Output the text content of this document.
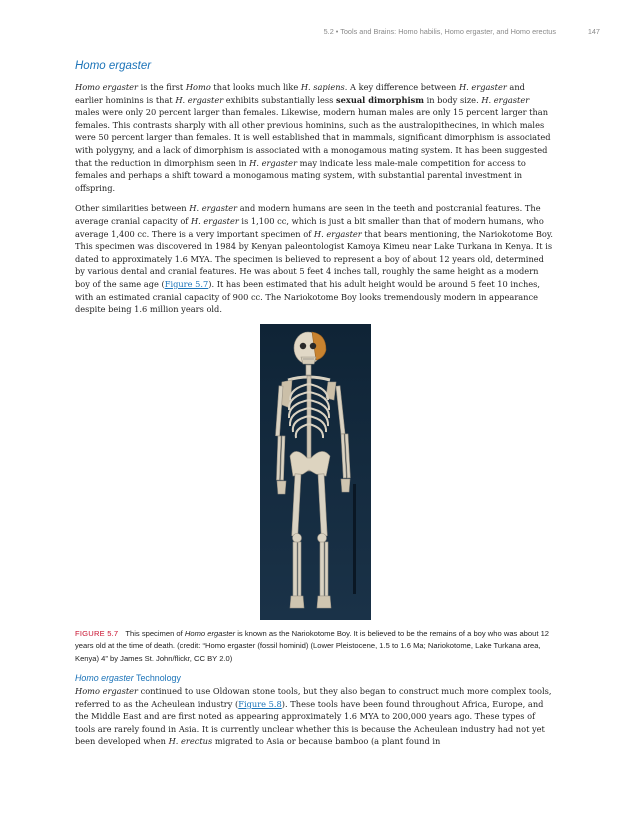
5.2 • Tools and Brains: Homo habilis, Homo ergaster, and Homo erectus	147
Homo ergaster

Homo ergaster is the first Homo that looks much like H. sapiens. A key difference between H. ergaster and earlier hominins is that H. ergaster exhibits substantially less sexual dimorphism in body size. H. ergaster males were only 20 percent larger than females. Likewise, modern human males are only 15 percent larger than females. This contrasts sharply with all other previous hominins, such as the australopithecines, in which males were 50 percent larger than females. It is well established that in mammals, significant dimorphism is associated with polygyny, and a lack of dimorphism is associated with a monogamous mating system. It has been suggested that the reduction in dimorphism seen in H. ergaster may indicate less male-male competition for access to females and perhaps a shift toward a monogamous mating system, with substantial parental investment in offspring.

Other similarities between H. ergaster and modern humans are seen in the teeth and postcranial features. The average cranial capacity of H. ergaster is 1,100 cc, which is just a bit smaller than that of modern humans, who average 1,400 cc. There is a very important specimen of H. ergaster that bears mentioning, the Nariokotome Boy. This specimen was discovered in 1984 by Kenyan paleontologist Kamoya Kimeu near Lake Turkana in Kenya. It is dated to approximately 1.6 MYA. The specimen is believed to represent a boy of about 12 years old, determined by various dental and cranial features. He was about 5 feet 4 inches tall, roughly the same height as a modern boy of the same age (Figure 5.7). It has been estimated that his adult height would be around 5 feet 10 inches, with an estimated cranial capacity of 900 cc. The Nariokotome Boy looks tremendously modern in appearance despite being 1.6 million years old.

FIGURE 5.7 This specimen of Homo ergaster is known as the Nariokotome Boy. It is believed to be the remains of a boy who was about 12 years old at the time of death. (credit: “Homo ergaster (fossil hominid) (Lower Pleistocene, 1.5 to 1.6 Ma; Nariokotome, Lake Turkana area, Kenya) 4” by James St. John/flickr, CC BY 2.0)

Homo ergaster Technology

Homo ergaster continued to use Oldowan stone tools, but they also began to construct much more complex tools, referred to as the Acheulean industry (Figure 5.8). These tools have been found throughout Africa, Europe, and the Middle East and are first noted as appearing approximately 1.6 MYA to 200,000 years ago. These types of tools are rarely found in Asia. It is currently unclear whether this is because the Acheulean industry had not yet been developed when H. erectus migrated to Asia or because bamboo (a plant found in
